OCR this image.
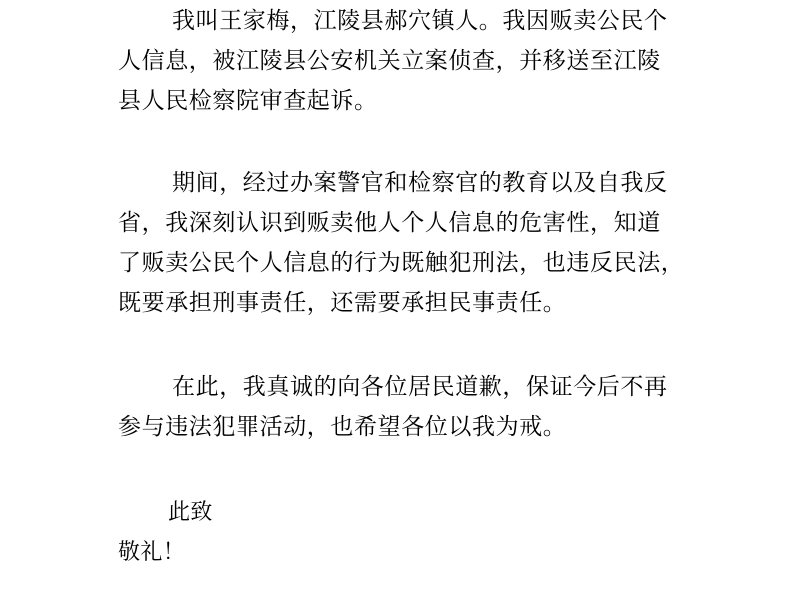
我叫王家梅，江陵县郝穴镇人。我因贩卖公民个
人信息，被江陵县公安机关立案侦查，并移送至江陵
县人民检察院审查起诉。

期间，经过办案警官和检察官的教育以及自我反
省，我深刻认识到贩卖他人个人信息的危害性，知道
了贩卖公民个人信息的行为既触犯刑法，也违反民法，
既要承担刑事责任，还需要承担民事责任。

在此，我真诚的向各位居民道歉，保证今后不再
参与违法犯罪活动，也希望各位以我为戒。

此致

敬礼！
